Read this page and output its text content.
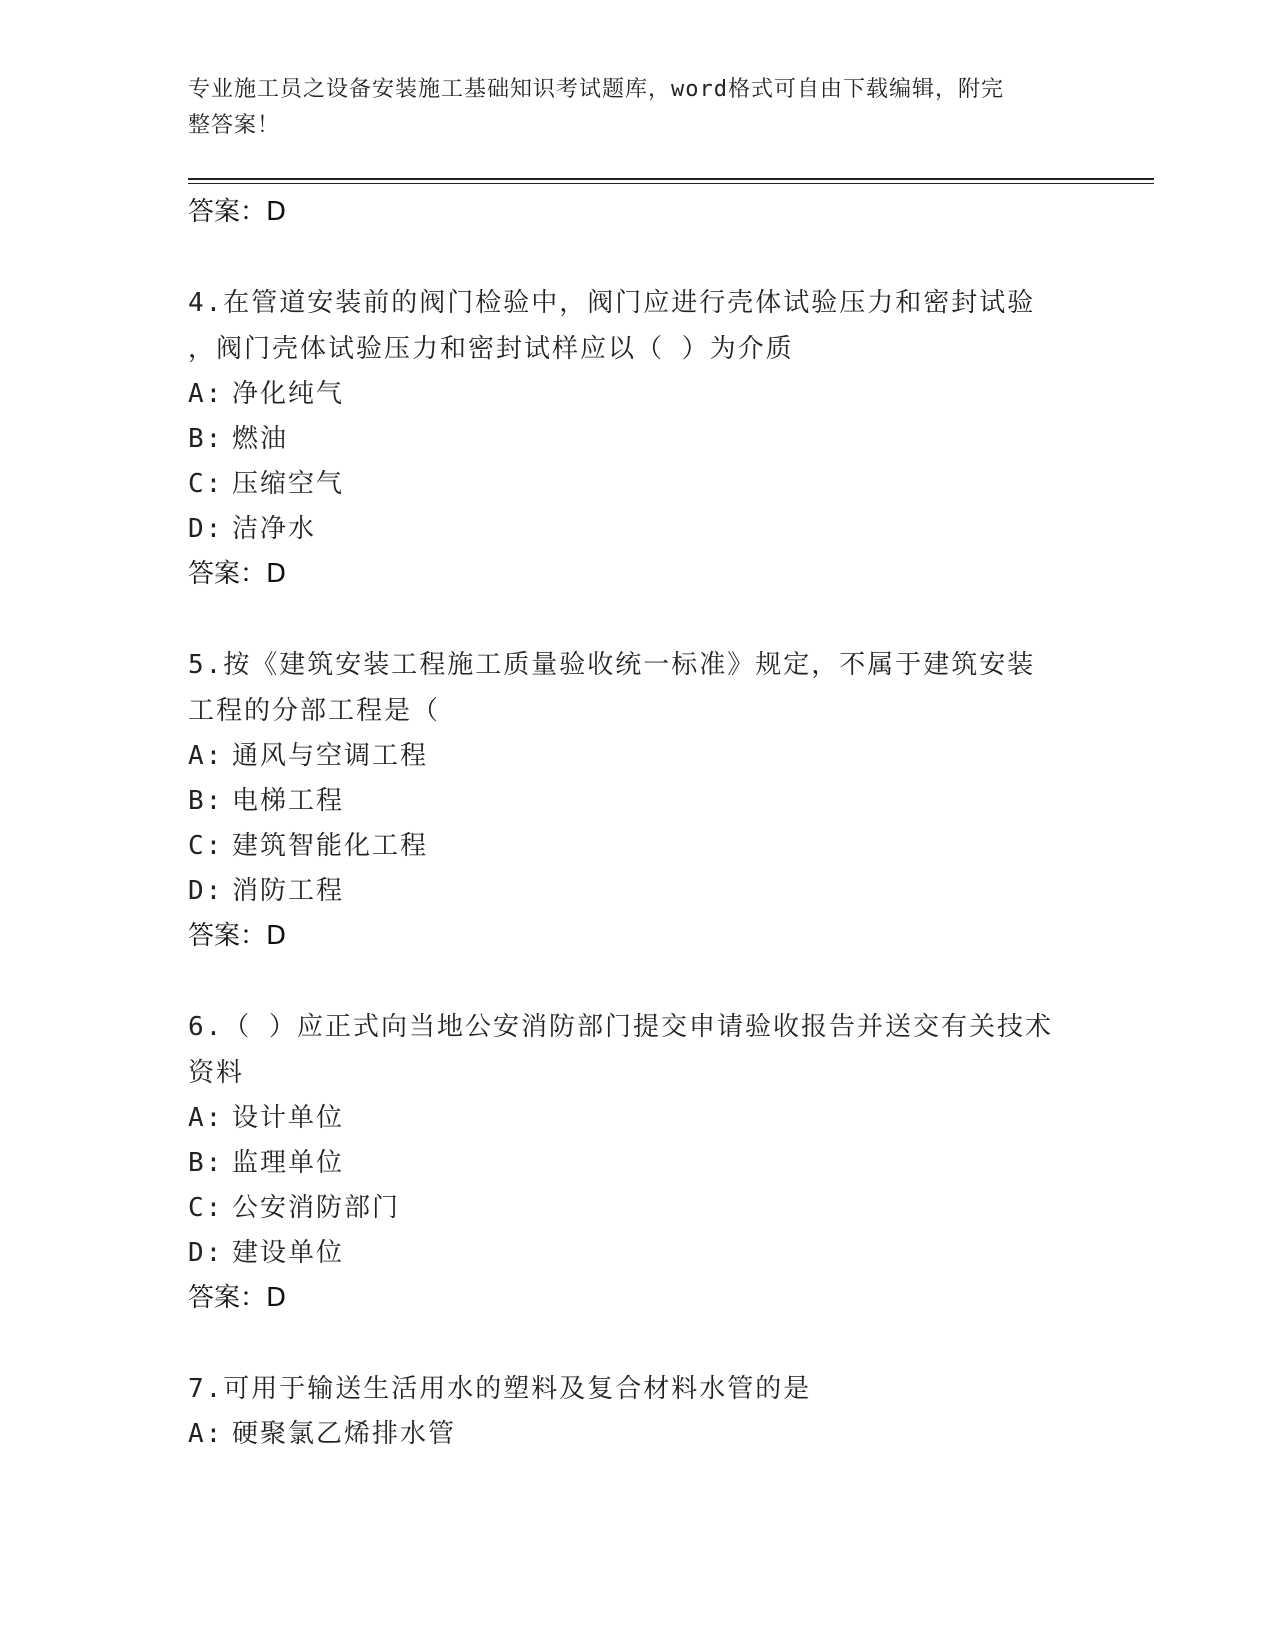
专业施工员之设备安装施工基础知识考试题库，word格式可自由下载编辑，附完
整答案！
答案：D
4.在管道安装前的阀门检验中，阀门应进行壳体试验压力和密封试验
，阀门壳体试验压力和密封试样应以（ ）为介质
A: 净化纯气
B: 燃油
C: 压缩空气
D: 洁净水
答案：D
5.按《建筑安装工程施工质量验收统一标准》规定，不属于建筑安装
工程的分部工程是（
A: 通风与空调工程
B: 电梯工程
C: 建筑智能化工程
D: 消防工程
答案：D
6.（ ）应正式向当地公安消防部门提交申请验收报告并送交有关技术
资料
A: 设计单位
B: 监理单位
C: 公安消防部门
D: 建设单位
答案：D
7.可用于输送生活用水的塑料及复合材料水管的是
A: 硬聚氯乙烯排水管
